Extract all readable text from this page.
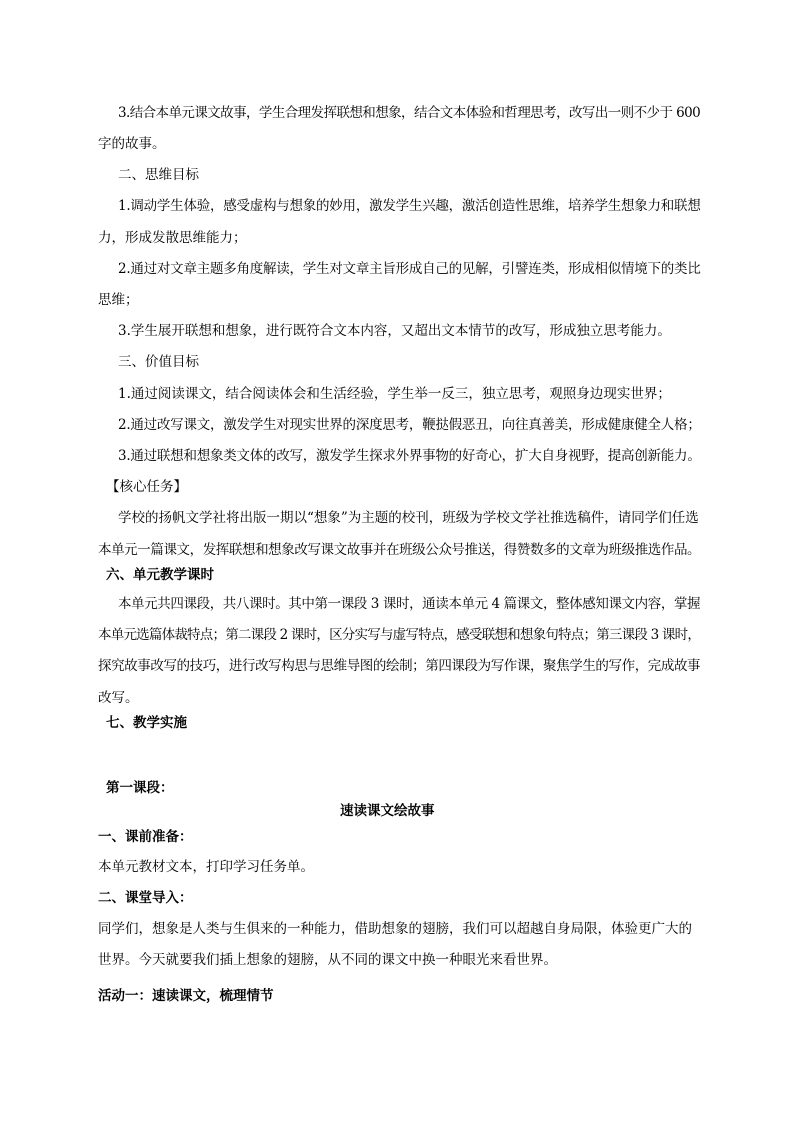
3.结合本单元课文故事，学生合理发挥联想和想象，结合文本体验和哲理思考，改写出一则不少于 600
字的故事。
二、思维目标
1.调动学生体验，感受虚构与想象的妙用，激发学生兴趣，激活创造性思维，培养学生想象力和联想
力，形成发散思维能力；
2.通过对文章主题多角度解读，学生对文章主旨形成自己的见解，引譬连类，形成相似情境下的类比
思维；
3.学生展开联想和想象，进行既符合文本内容，又超出文本情节的改写，形成独立思考能力。
三、价值目标
1.通过阅读课文，结合阅读体会和生活经验，学生举一反三，独立思考，观照身边现实世界；
2.通过改写课文，激发学生对现实世界的深度思考，鞭挞假恶丑，向往真善美，形成健康健全人格；
3.通过联想和想象类文体的改写，激发学生探求外界事物的好奇心，扩大自身视野，提高创新能力。
【核心任务】
学校的扬帆文学社将出版一期以“想象”为主题的校刊，班级为学校文学社推选稿件，请同学们任选
本单元一篇课文，发挥联想和想象改写课文故事并在班级公众号推送，得赞数多的文章为班级推选作品。
六、单元教学课时
本单元共四课段，共八课时。其中第一课段 3 课时，通读本单元 4 篇课文，整体感知课文内容，掌握
本单元选篇体裁特点；第二课段 2 课时，区分实写与虚写特点，感受联想和想象句特点；第三课段 3 课时，
探究故事改写的技巧，进行改写构思与思维导图的绘制；第四课段为写作课，聚焦学生的写作，完成故事
改写。
七、教学实施
第一课段：
速读课文绘故事
一、课前准备：
本单元教材文本，打印学习任务单。
二、课堂导入：
同学们，想象是人类与生俱来的一种能力，借助想象的翅膀，我们可以超越自身局限，体验更广大的
世界。今天就要我们插上想象的翅膀，从不同的课文中换一种眼光来看世界。
活动一：速读课文，梳理情节
